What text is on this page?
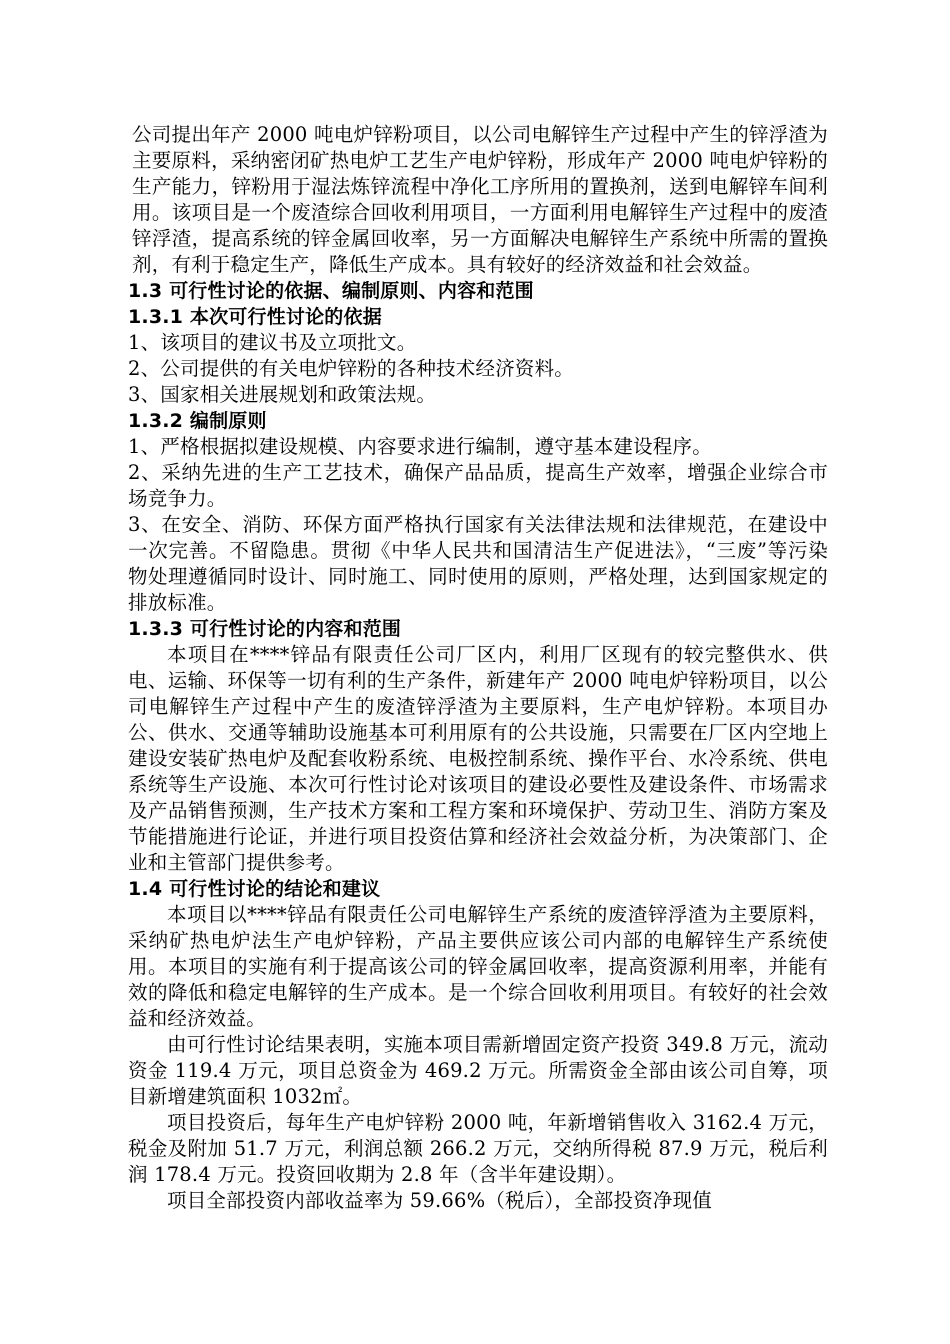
公司提出年产 2000 吨电炉锌粉项目，以公司电解锌生产过程中产生的锌浮渣为主要原料，采纳密闭矿热电炉工艺生产电炉锌粉，形成年产 2000 吨电炉锌粉的生产能力，锌粉用于湿法炼锌流程中净化工序所用的置换剂，送到电解锌车间利用。该项目是一个废渣综合回收利用项目，一方面利用电解锌生产过程中的废渣锌浮渣，提高系统的锌金属回收率，另一方面解决电解锌生产系统中所需的置换剂，有利于稳定生产，降低生产成本。具有较好的经济效益和社会效益。

1.3 可行性讨论的依据、编制原则、内容和范围

1.3.1 本次可行性讨论的依据

1、该项目的建议书及立项批文。

2、公司提供的有关电炉锌粉的各种技术经济资料。

3、国家相关进展规划和政策法规。

1.3.2 编制原则

1、严格根据拟建设规模、内容要求进行编制，遵守基本建设程序。

2、采纳先进的生产工艺技术，确保产品品质，提高生产效率，增强企业综合市场竞争力。

3、在安全、消防、环保方面严格执行国家有关法律法规和法律规范，在建设中一次完善。不留隐患。贯彻《中华人民共和国清洁生产促进法》，“三废”等污染物处理遵循同时设计、同时施工、同时使用的原则，严格处理，达到国家规定的排放标准。

1.3.3 可行性讨论的内容和范围

本项目在****锌品有限责任公司厂区内，利用厂区现有的较完整供水、供电、运输、环保等一切有利的生产条件，新建年产 2000 吨电炉锌粉项目，以公司电解锌生产过程中产生的废渣锌浮渣为主要原料，生产电炉锌粉。本项目办公、供水、交通等辅助设施基本可利用原有的公共设施，只需要在厂区内空地上建设安装矿热电炉及配套收粉系统、电极控制系统、操作平台、水冷系统、供电系统等生产设施、本次可行性讨论对该项目的建设必要性及建设条件、市场需求及产品销售预测，生产技术方案和工程方案和环境保护、劳动卫生、消防方案及节能措施进行论证，并进行项目投资估算和经济社会效益分析，为决策部门、企业和主管部门提供参考。

1.4 可行性讨论的结论和建议

本项目以****锌品有限责任公司电解锌生产系统的废渣锌浮渣为主要原料，采纳矿热电炉法生产电炉锌粉，产品主要供应该公司内部的电解锌生产系统使用。本项目的实施有利于提高该公司的锌金属回收率，提高资源利用率，并能有效的降低和稳定电解锌的生产成本。是一个综合回收利用项目。有较好的社会效益和经济效益。

由可行性讨论结果表明，实施本项目需新增固定资产投资 349.8 万元，流动资金 119.4 万元，项目总资金为 469.2 万元。所需资金全部由该公司自筹，项目新增建筑面积 1032㎡。

项目投资后，每年生产电炉锌粉 2000 吨，年新增销售收入 3162.4 万元，税金及附加 51.7 万元，利润总额 266.2 万元，交纳所得税 87.9 万元，税后利润 178.4 万元。投资回收期为 2.8 年（含半年建设期）。

项目全部投资内部收益率为 59.66%（税后），全部投资净现值
